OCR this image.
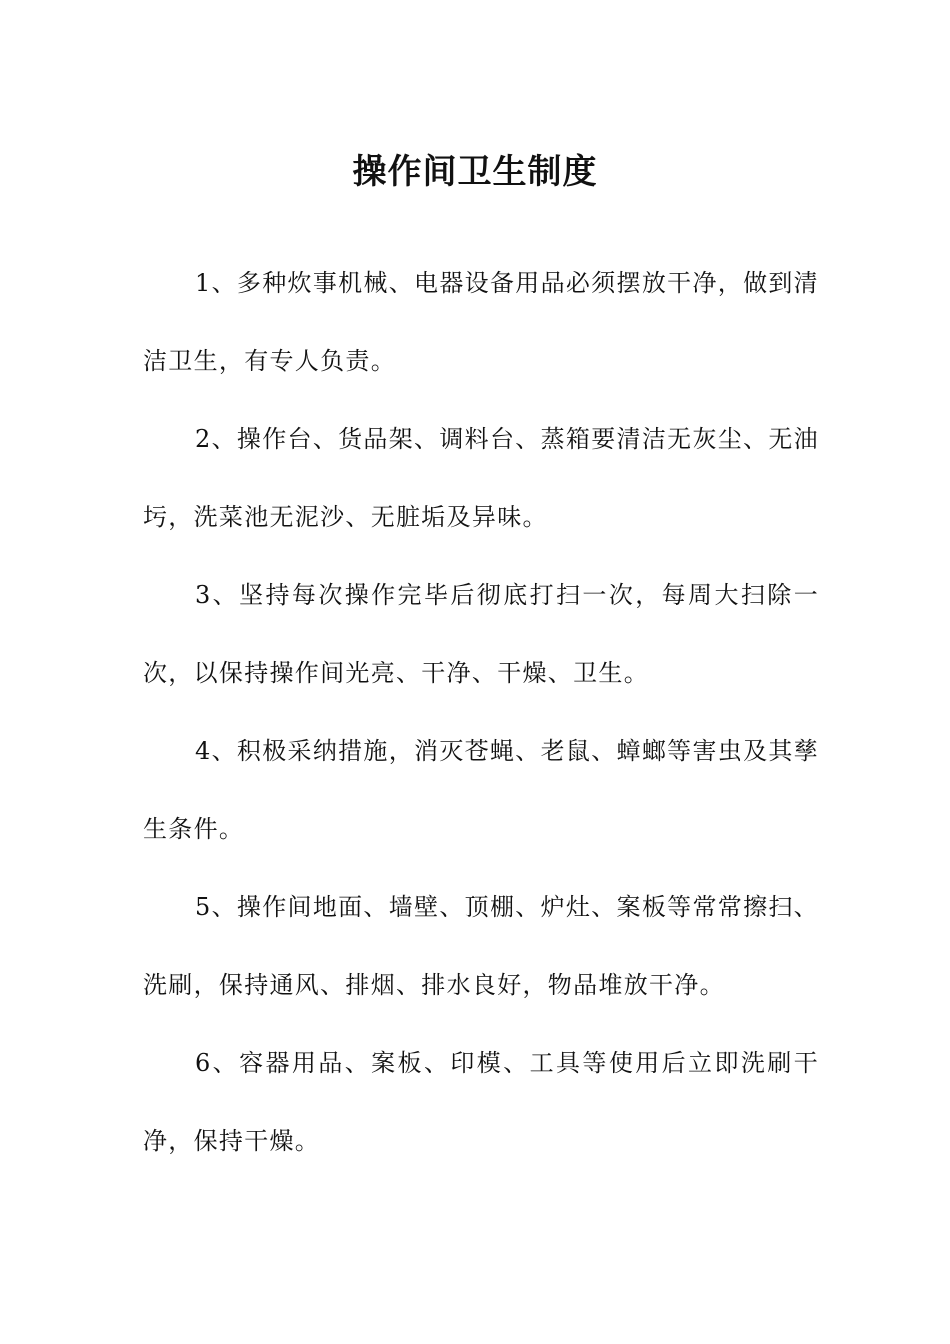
操作间卫生制度

1、多种炊事机械、电器设备用品必须摆放干净，做到清洁卫生，有专人负责。

2、操作台、货品架、调料台、蒸箱要清洁无灰尘、无油圬，洗菜池无泥沙、无脏垢及异味。

3、坚持每次操作完毕后彻底打扫一次，每周大扫除一次，以保持操作间光亮、干净、干燥、卫生。

4、积极采纳措施，消灭苍蝇、老鼠、蟑螂等害虫及其孳生条件。

5、操作间地面、墙壁、顶棚、炉灶、案板等常常擦扫、洗刷，保持通风、排烟、排水良好，物品堆放干净。

6、容器用品、案板、印模、工具等使用后立即洗刷干净，保持干燥。
